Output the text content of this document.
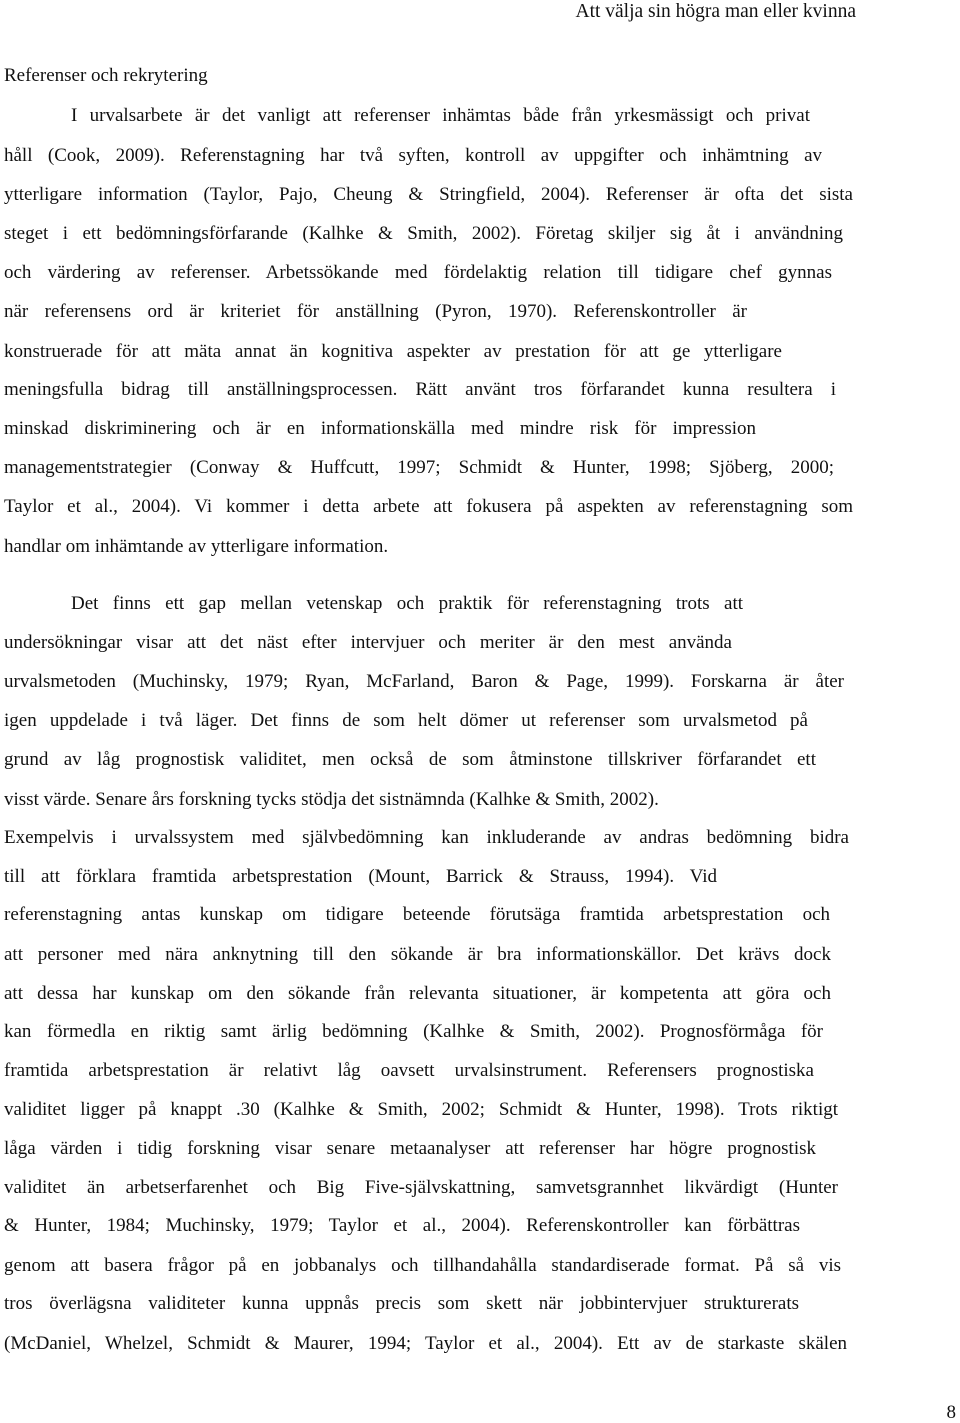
Att välja sin högra man eller kvinna
Referenser och rekrytering
I urvalsarbete är det vanligt att referenser inhämtas både från yrkesmässigt och privat
håll (Cook, 2009). Referenstagning har två syften, kontroll av uppgifter och inhämtning av
ytterligare information (Taylor, Pajo, Cheung & Stringfield, 2004). Referenser är ofta det sista
steget i ett bedömningsförfarande (Kalhke & Smith, 2002). Företag skiljer sig åt i användning
och värdering av referenser. Arbetssökande med fördelaktig relation till tidigare chef gynnas
när referensens ord är kriteriet för anställning (Pyron, 1970). Referenskontroller är
konstruerade för att mäta annat än kognitiva aspekter av prestation för att ge ytterligare
meningsfulla bidrag till anställningsprocessen. Rätt använt tros förfarandet kunna resultera i
minskad diskriminering och är en informationskälla med mindre risk för impression
managementstrategier (Conway & Huffcutt, 1997; Schmidt & Hunter, 1998; Sjöberg, 2000;
Taylor et al., 2004). Vi kommer i detta arbete att fokusera på aspekten av referenstagning som
handlar om inhämtande av ytterligare information.
Det finns ett gap mellan vetenskap och praktik för referenstagning trots att
undersökningar visar att det näst efter intervjuer och meriter är den mest använda
urvalsmetoden (Muchinsky, 1979; Ryan, McFarland, Baron & Page, 1999). Forskarna är åter
igen uppdelade i två läger. Det finns de som helt dömer ut referenser som urvalsmetod på
grund av låg prognostisk validitet, men också de som åtminstone tillskriver förfarandet ett
visst värde. Senare års forskning tycks stödja det sistnämnda (Kalhke & Smith, 2002).
Exempelvis i urvalssystem med självbedömning kan inkluderande av andras bedömning bidra
till att förklara framtida arbetsprestation (Mount, Barrick & Strauss, 1994). Vid
referenstagning antas kunskap om tidigare beteende förutsäga framtida arbetsprestation och
att personer med nära anknytning till den sökande är bra informationskällor. Det krävs dock
att dessa har kunskap om den sökande från relevanta situationer, är kompetenta att göra och
kan förmedla en riktig samt ärlig bedömning (Kalhke & Smith, 2002). Prognosförmåga för
framtida arbetsprestation är relativt låg oavsett urvalsinstrument. Referensers prognostiska
validitet ligger på knappt .30 (Kalhke & Smith, 2002; Schmidt & Hunter, 1998). Trots riktigt
låga värden i tidig forskning visar senare metaanalyser att referenser har högre prognostisk
validitet än arbetserfarenhet och Big Five-självskattning, samvetsgrannhet likvärdigt (Hunter
& Hunter, 1984; Muchinsky, 1979; Taylor et al., 2004). Referenskontroller kan förbättras
genom att basera frågor på en jobbanalys och tillhandahålla standardiserade format. På så vis
tros överlägsna validiteter kunna uppnås precis som skett när jobbintervjuer strukturerats
(McDaniel, Whelzel, Schmidt & Maurer, 1994; Taylor et al., 2004). Ett av de starkaste skälen
8
